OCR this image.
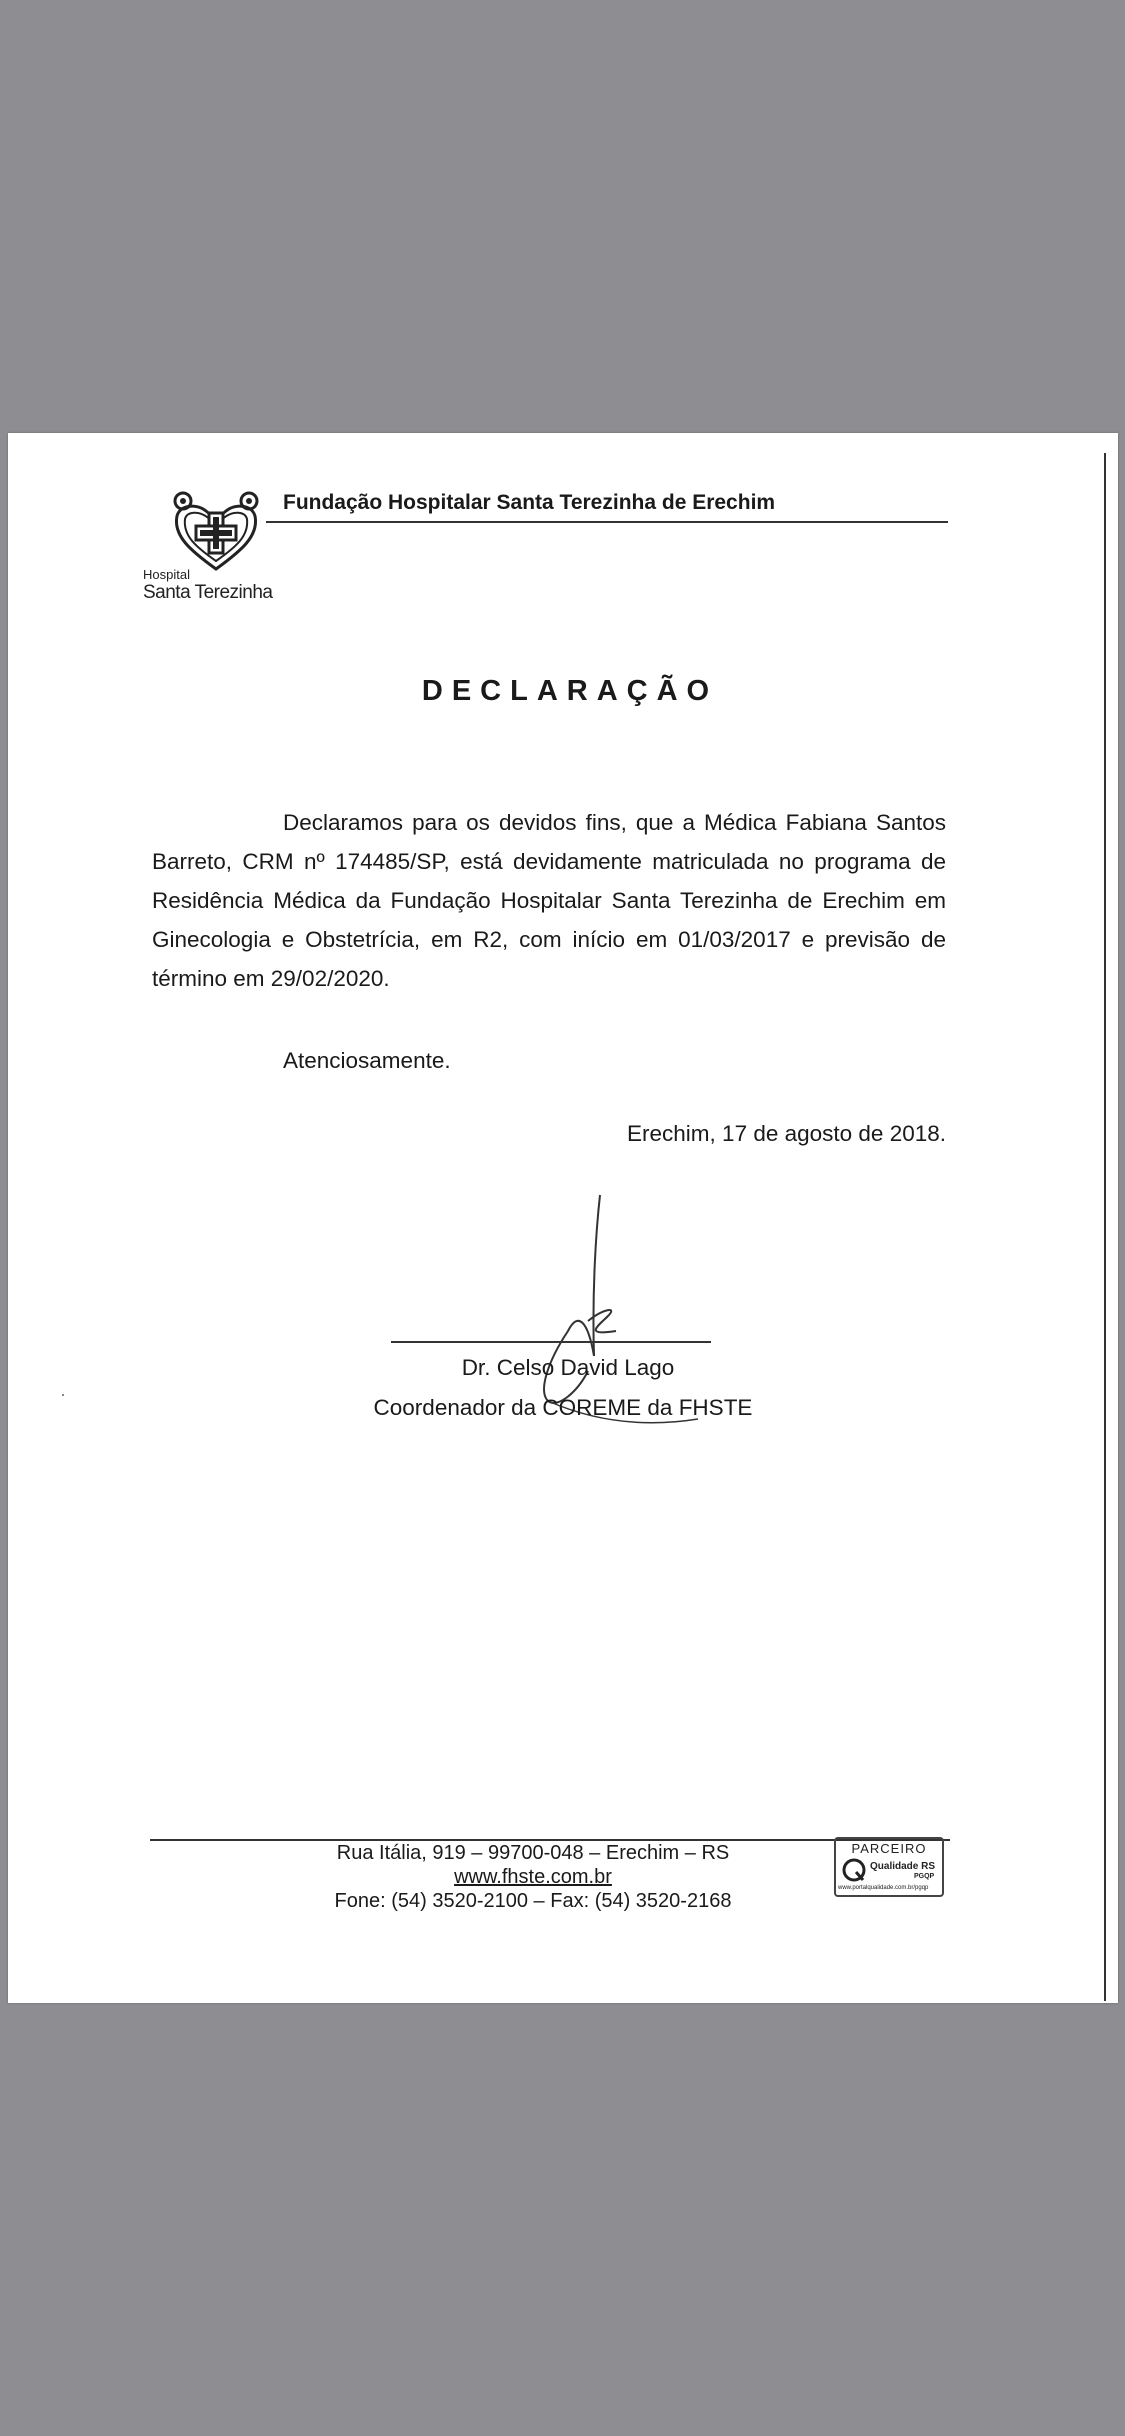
Hospital
Santa Terezinha
Fundação Hospitalar Santa Terezinha de Erechim
DECLARAÇÃO

Declaramos para os devidos fins, que a Médica Fabiana Santos Barreto, CRM nº 174485/SP, está devidamente matriculada no programa de Residência Médica da Fundação Hospitalar Santa Terezinha de Erechim em Ginecologia e Obstetrícia, em R2, com início em 01/03/2017 e previsão de término em 29/02/2020.

Atenciosamente.
Erechim, 17 de agosto de 2018.
Dr. Celso David Lago
Coordenador da COREME da FHSTE
Rua Itália, 919 – 99700-048 – Erechim – RS
www.fhste.com.br
Fone: (54) 3520-2100 – Fax: (54) 3520-2168
PARCEIRO
Qualidade RS
PGQP
www.portalqualidade.com.br/pgqp
